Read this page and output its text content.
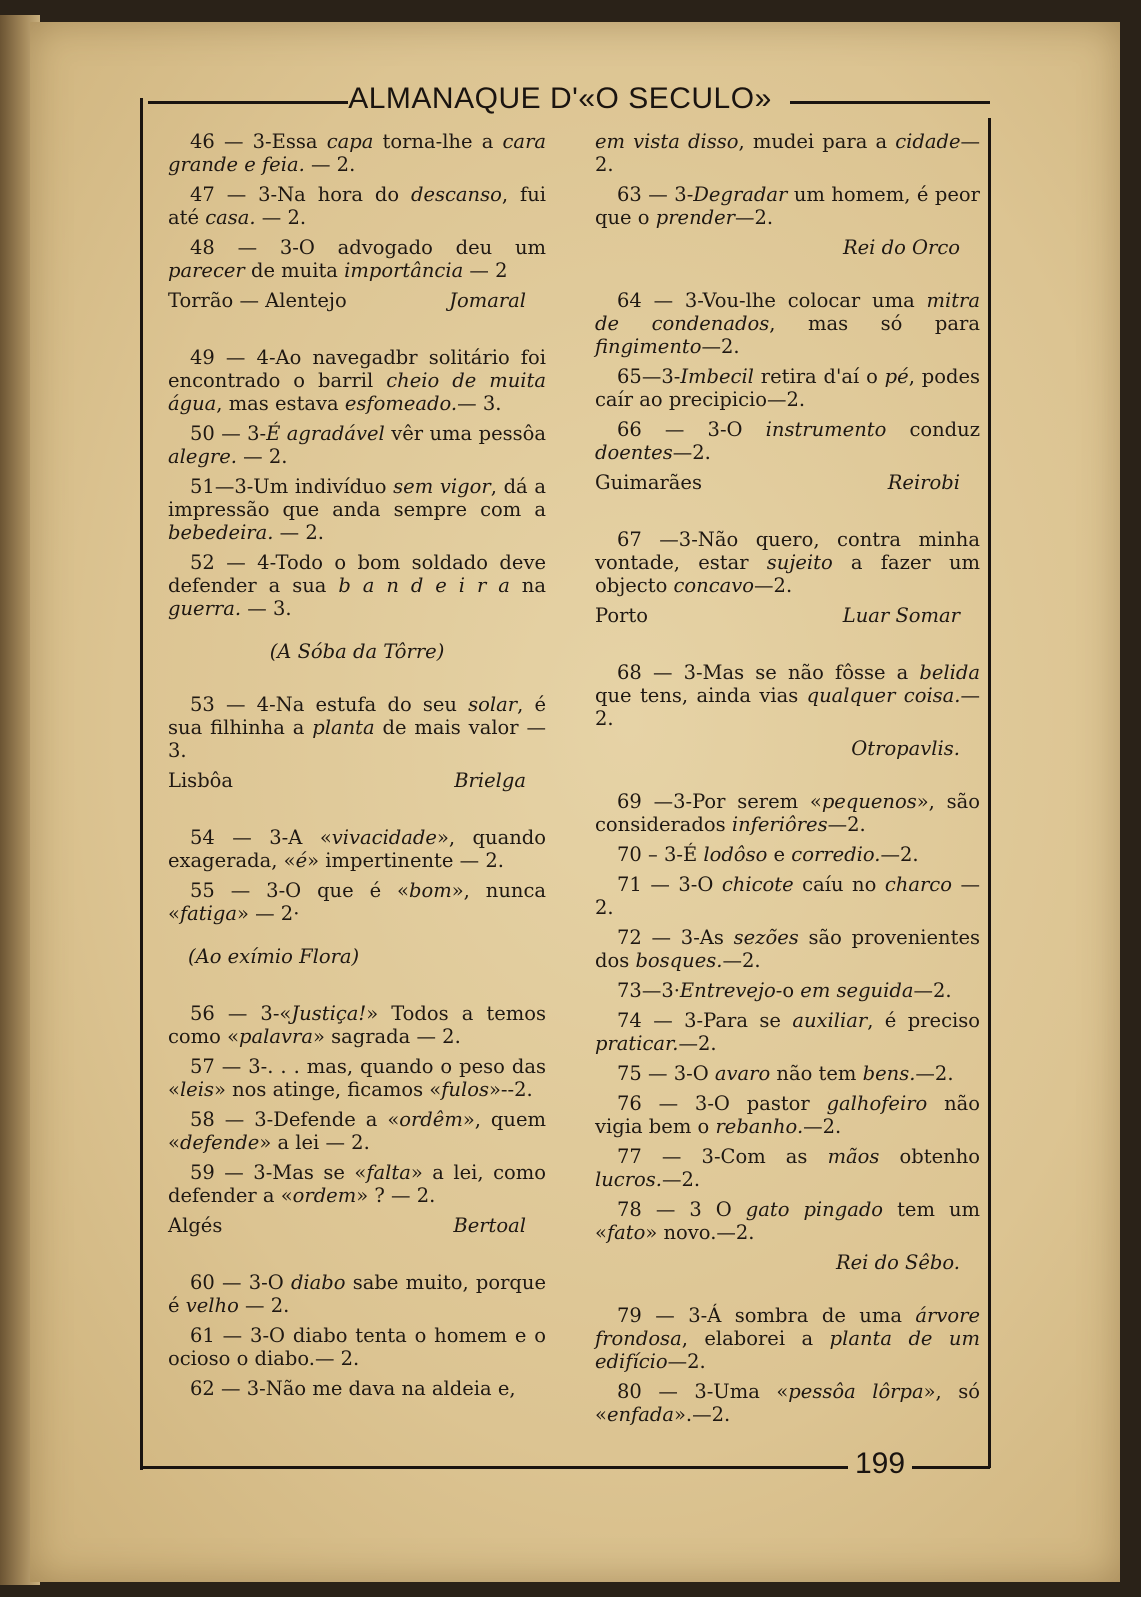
ALMANAQUE D'«O SECULO»

46 — 3-Essa capa torna-lhe a cara grande e feia. — 2.

47 — 3-Na hora do descanso, fui até casa. — 2.

48 — 3-O advogado deu um parecer de muita importância — 2

Torrão — Alentejo	Jomaral

49 — 4-Ao navegadbr solitário foi encontrado o barril cheio de muita água, mas estava esfomeado.— 3.

50 — 3-É agradável vêr uma pessôa alegre. — 2.

51—3-Um indivíduo sem vigor, dá a impressão que anda sempre com a bebedeira. — 2.

52 — 4-Todo o bom soldado deve defender a sua b a n d e i r a na guerra. — 3.

(A Sóba da Tôrre)

53 — 4-Na estufa do seu solar, é sua filhinha a planta de mais valor — 3.

Lisbôa	Brielga

54 — 3-A «vivacidade», quando exagerada, «é» impertinente — 2.

55 — 3-O que é «bom», nunca «fatiga» — 2·

(Ao exímio Flora)

56 — 3-«Justiça!» Todos a temos como «palavra» sagrada — 2.

57 — 3-. . . mas, quando o peso das «leis» nos atinge, ficamos «fulos»--2.

58 — 3-Defende a «ordêm», quem «defende» a lei — 2.

59 — 3-Mas se «falta» a lei, como defender a «ordem» ? — 2.

Algés	Bertoal

60 — 3-O diabo sabe muito, porque é velho — 2.

61 — 3-O diabo tenta o homem e o ocioso o diabo.— 2.

62 — 3-Não me dava na aldeia e,

em vista disso, mudei para a cidade—2.

63 — 3-Degradar um homem, é peor que o prender—2.

Rei do Orco

64 — 3-Vou-lhe colocar uma mitra de condenados, mas só para fingimento—2.

65—3-Imbecil retira d'aí o pé, podes caír ao precipicio—2.

66 — 3-O instrumento conduz doentes—2.

Guimarães	Reirobi

67 —3-Não quero, contra minha vontade, estar sujeito a fazer um objecto concavo—2.

Porto	Luar Somar

68 — 3-Mas se não fôsse a belida que tens, ainda vias qualquer coisa.—2.

Otropavlis.

69 —3-Por serem «pequenos», são considerados inferiôres—2.

70 – 3-É lodôso e corredio.—2.

71 — 3-O chicote caíu no charco — 2.

72 — 3-As sezões são provenientes dos bosques.—2.

73—3·Entrevejo-o em seguida—2.

74 — 3-Para se auxiliar, é preciso praticar.—2.

75 — 3-O avaro não tem bens.—2.

76 — 3-O pastor galhofeiro não vigia bem o rebanho.—2.

77 — 3-Com as mãos obtenho lucros.—2.

78 — 3 O gato pingado tem um «fato» novo.—2.

Rei do Sêbo.

79 — 3-Á sombra de uma árvore frondosa, elaborei a planta de um edifício—2.

80 — 3-Uma «pessôa lôrpa», só «enfada».—2.

199
